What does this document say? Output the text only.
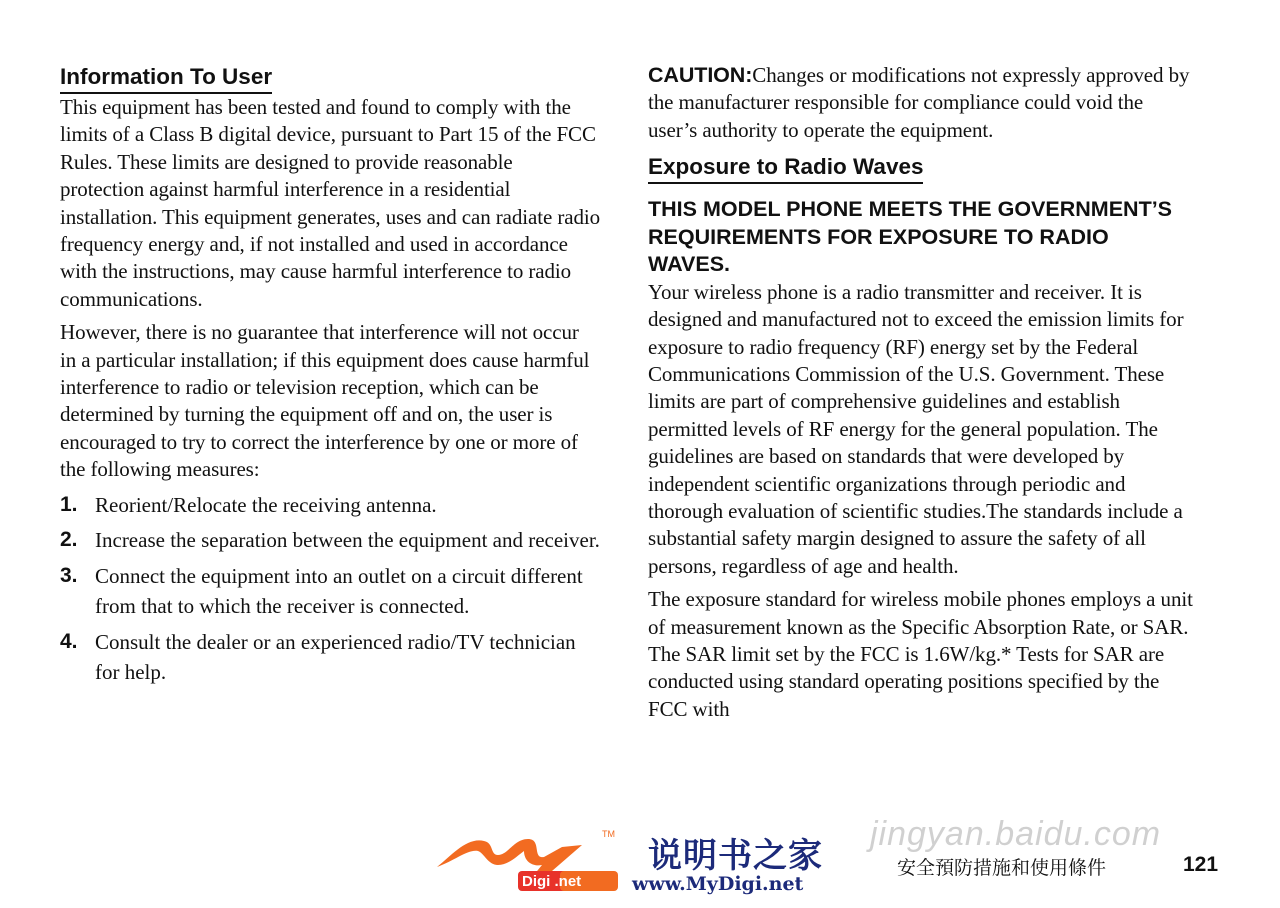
Information To User

This equipment has been tested and found to comply with the limits of a Class B digital device, pursuant to Part 15 of the FCC Rules. These limits are designed to provide reasonable protection against harmful interference in a residential installation. This equipment generates, uses and can radiate radio frequency energy and, if not installed and used in accordance with the instructions, may cause harmful interference to radio communications.

However, there is no guarantee that interference will not occur in a particular installation; if this equipment does cause harmful interference to radio or television reception, which can be determined by turning the equipment off and on, the user is encouraged to try to correct the interference by one or more of the following measures:

1. Reorient/Relocate the receiving antenna.
2. Increase the separation between the equipment and receiver.
3. Connect the equipment into an outlet on a circuit different from that to which the receiver is connected.
4. Consult the dealer or an experienced radio/TV technician for help.

CAUTION:Changes or modifications not expressly approved by the manufacturer responsible for compliance could void the user’s authority to operate the equipment.

Exposure to Radio Waves

THIS MODEL PHONE MEETS THE GOVERNMENT’S REQUIREMENTS FOR EXPOSURE TO RADIO WAVES.

Your wireless phone is a radio transmitter and receiver. It is designed and manufactured not to exceed the emission limits for exposure to radio frequency (RF) energy set by the Federal Communications Commission of the U.S. Government. These limits are part of comprehensive guidelines and establish permitted levels of RF energy for the general population. The guidelines are based on standards that were developed by independent scientific organizations through periodic and thorough evaluation of scientific studies.The standards include a substantial safety margin designed to assure the safety of all persons, regardless of age and health.

The exposure standard for wireless mobile phones employs a unit of measurement known as the Specific Absorption Rate, or SAR. The SAR limit set by the FCC is 1.6W/kg.* Tests for SAR are conducted using standard operating positions specified by the FCC with

jingyan.baidu.com
TM
Digi .net
说明书之家
www.MyDigi.net
安全預防措施和使用條件	121
